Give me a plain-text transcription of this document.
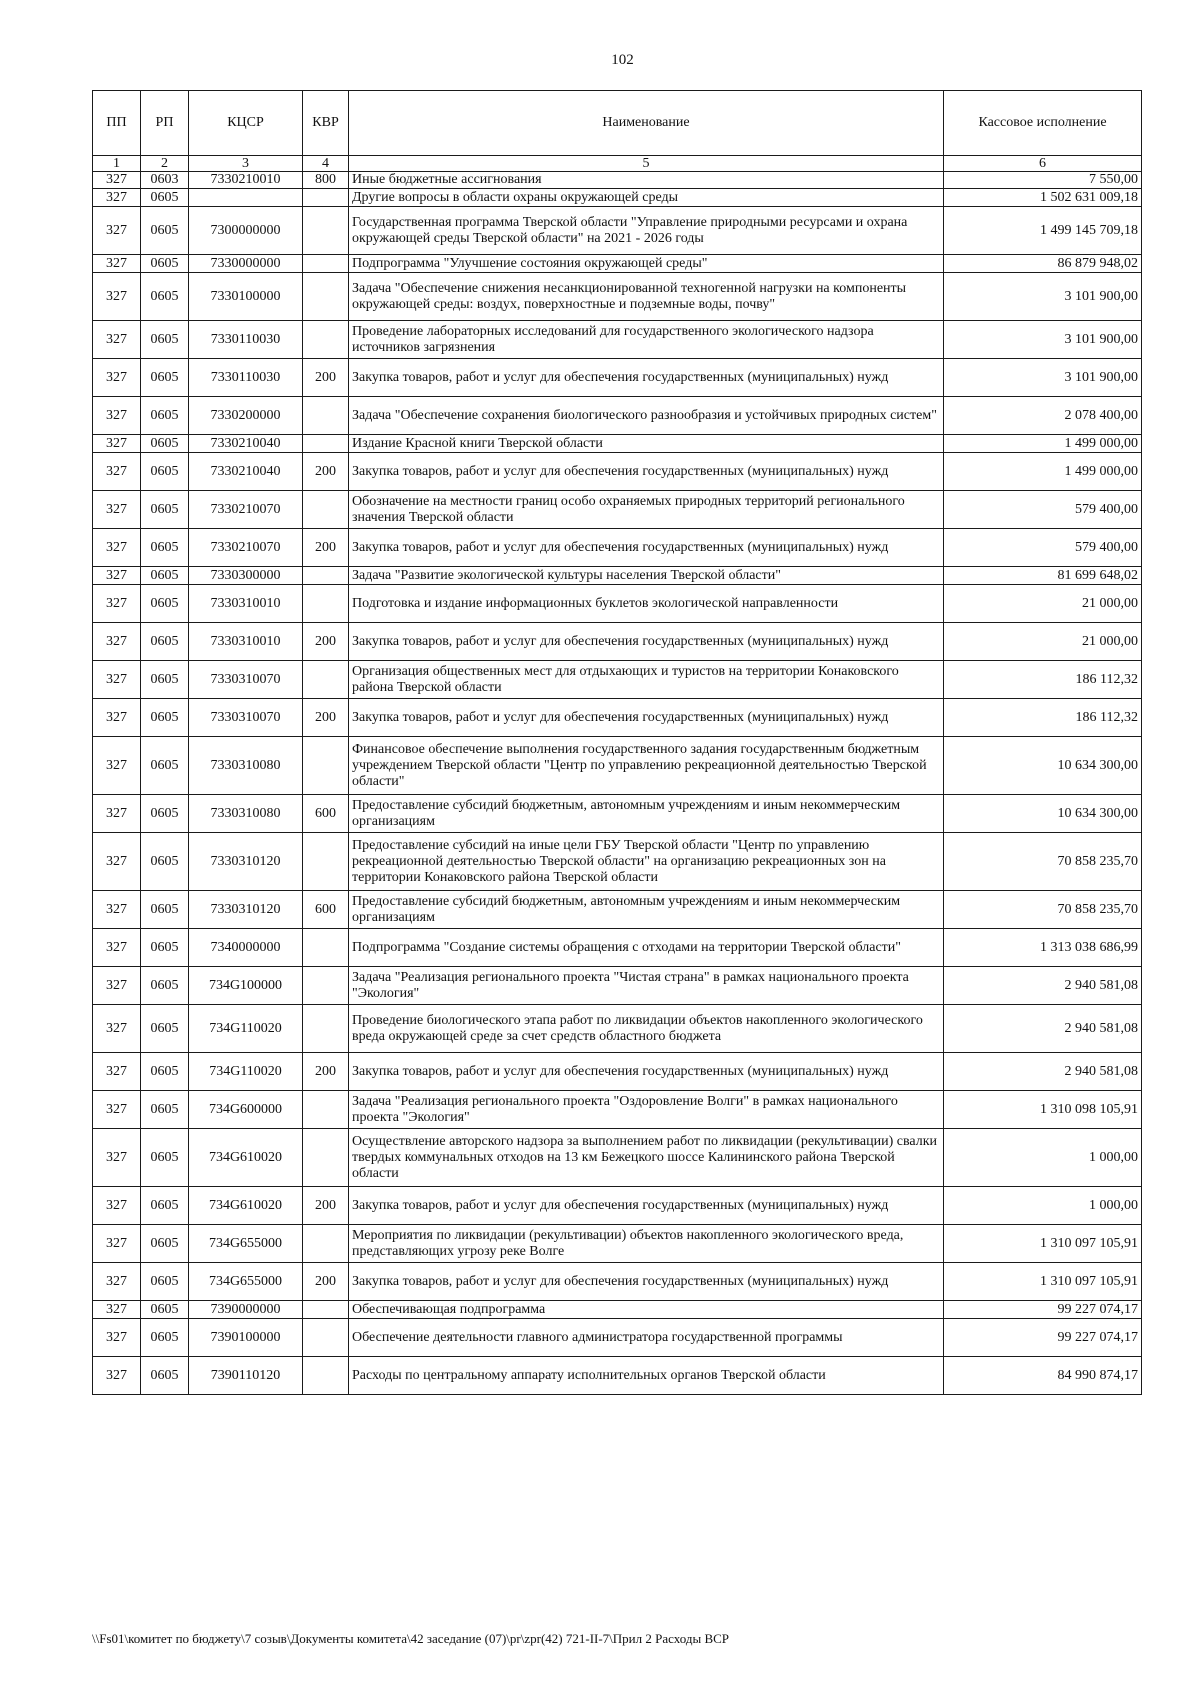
102
ПП	РП	КЦСР	КВР	Наименование	Кассовое исполнение
1	2	3	4	5	6
327	0603	7330210010	800	Иные бюджетные ассигнования	7 550,00
327	0605			Другие вопросы в области охраны окружающей среды	1 502 631 009,18
327	0605	7300000000		Государственная программа Тверской области "Управление природными ресурсами и охрана окружающей среды Тверской области" на 2021 - 2026 годы	1 499 145 709,18
327	0605	7330000000		Подпрограмма "Улучшение состояния окружающей среды"	86 879 948,02
327	0605	7330100000		Задача "Обеспечение снижения несанкционированной техногенной нагрузки на компоненты окружающей среды: воздух, поверхностные и подземные воды, почву"	3 101 900,00
327	0605	7330110030		Проведение лабораторных исследований для государственного экологического надзора источников загрязнения	3 101 900,00
327	0605	7330110030	200	Закупка товаров, работ и услуг для обеспечения государственных (муниципальных) нужд	3 101 900,00
327	0605	7330200000		Задача "Обеспечение сохранения биологического разнообразия и устойчивых природных систем"	2 078 400,00
327	0605	7330210040		Издание Красной книги Тверской области	1 499 000,00
327	0605	7330210040	200	Закупка товаров, работ и услуг для обеспечения государственных (муниципальных) нужд	1 499 000,00
327	0605	7330210070		Обозначение на местности границ особо охраняемых природных территорий регионального значения Тверской области	579 400,00
327	0605	7330210070	200	Закупка товаров, работ и услуг для обеспечения государственных (муниципальных) нужд	579 400,00
327	0605	7330300000		Задача "Развитие экологической культуры населения Тверской области"	81 699 648,02
327	0605	7330310010		Подготовка и издание информационных буклетов экологической направленности	21 000,00
327	0605	7330310010	200	Закупка товаров, работ и услуг для обеспечения государственных (муниципальных) нужд	21 000,00
327	0605	7330310070		Организация общественных мест для отдыхающих и туристов на территории Конаковского района Тверской области	186 112,32
327	0605	7330310070	200	Закупка товаров, работ и услуг для обеспечения государственных (муниципальных) нужд	186 112,32
327	0605	7330310080		Финансовое обеспечение выполнения государственного задания государственным бюджетным учреждением Тверской области "Центр по управлению рекреационной деятельностью Тверской области"	10 634 300,00
327	0605	7330310080	600	Предоставление субсидий бюджетным, автономным учреждениям и иным некоммерческим организациям	10 634 300,00
327	0605	7330310120		Предоставление субсидий на иные цели ГБУ Тверской области "Центр по управлению рекреационной деятельностью Тверской области" на организацию рекреационных зон на территории Конаковского района Тверской области	70 858 235,70
327	0605	7330310120	600	Предоставление субсидий бюджетным, автономным учреждениям и иным некоммерческим организациям	70 858 235,70
327	0605	7340000000		Подпрограмма "Создание системы обращения с отходами на территории Тверской области"	1 313 038 686,99
327	0605	734G100000		Задача "Реализация регионального проекта "Чистая страна" в рамках национального проекта "Экология"	2 940 581,08
327	0605	734G110020		Проведение биологического этапа работ по ликвидации объектов накопленного экологического вреда окружающей среде за счет средств областного бюджета	2 940 581,08
327	0605	734G110020	200	Закупка товаров, работ и услуг для обеспечения государственных (муниципальных) нужд	2 940 581,08
327	0605	734G600000		Задача "Реализация регионального проекта "Оздоровление Волги" в рамках национального проекта "Экология"	1 310 098 105,91
327	0605	734G610020		Осуществление авторского надзора за выполнением работ по ликвидации (рекультивации) свалки твердых коммунальных отходов на 13 км Бежецкого шоссе Калининского района Тверской области	1 000,00
327	0605	734G610020	200	Закупка товаров, работ и услуг для обеспечения государственных (муниципальных) нужд	1 000,00
327	0605	734G655000		Мероприятия по ликвидации (рекультивации) объектов накопленного экологического вреда, представляющих угрозу реке Волге	1 310 097 105,91
327	0605	734G655000	200	Закупка товаров, работ и услуг для обеспечения государственных (муниципальных) нужд	1 310 097 105,91
327	0605	7390000000		Обеспечивающая подпрограмма	99 227 074,17
327	0605	7390100000		Обеспечение деятельности главного администратора государственной программы	99 227 074,17
327	0605	7390110120		Расходы по центральному аппарату исполнительных органов Тверской области	84 990 874,17
\\Fs01\комитет по бюджету\7 созыв\Документы комитета\42 заседание (07)\pr\zpr(42) 721-II-7\Прил 2 Расходы ВСР
